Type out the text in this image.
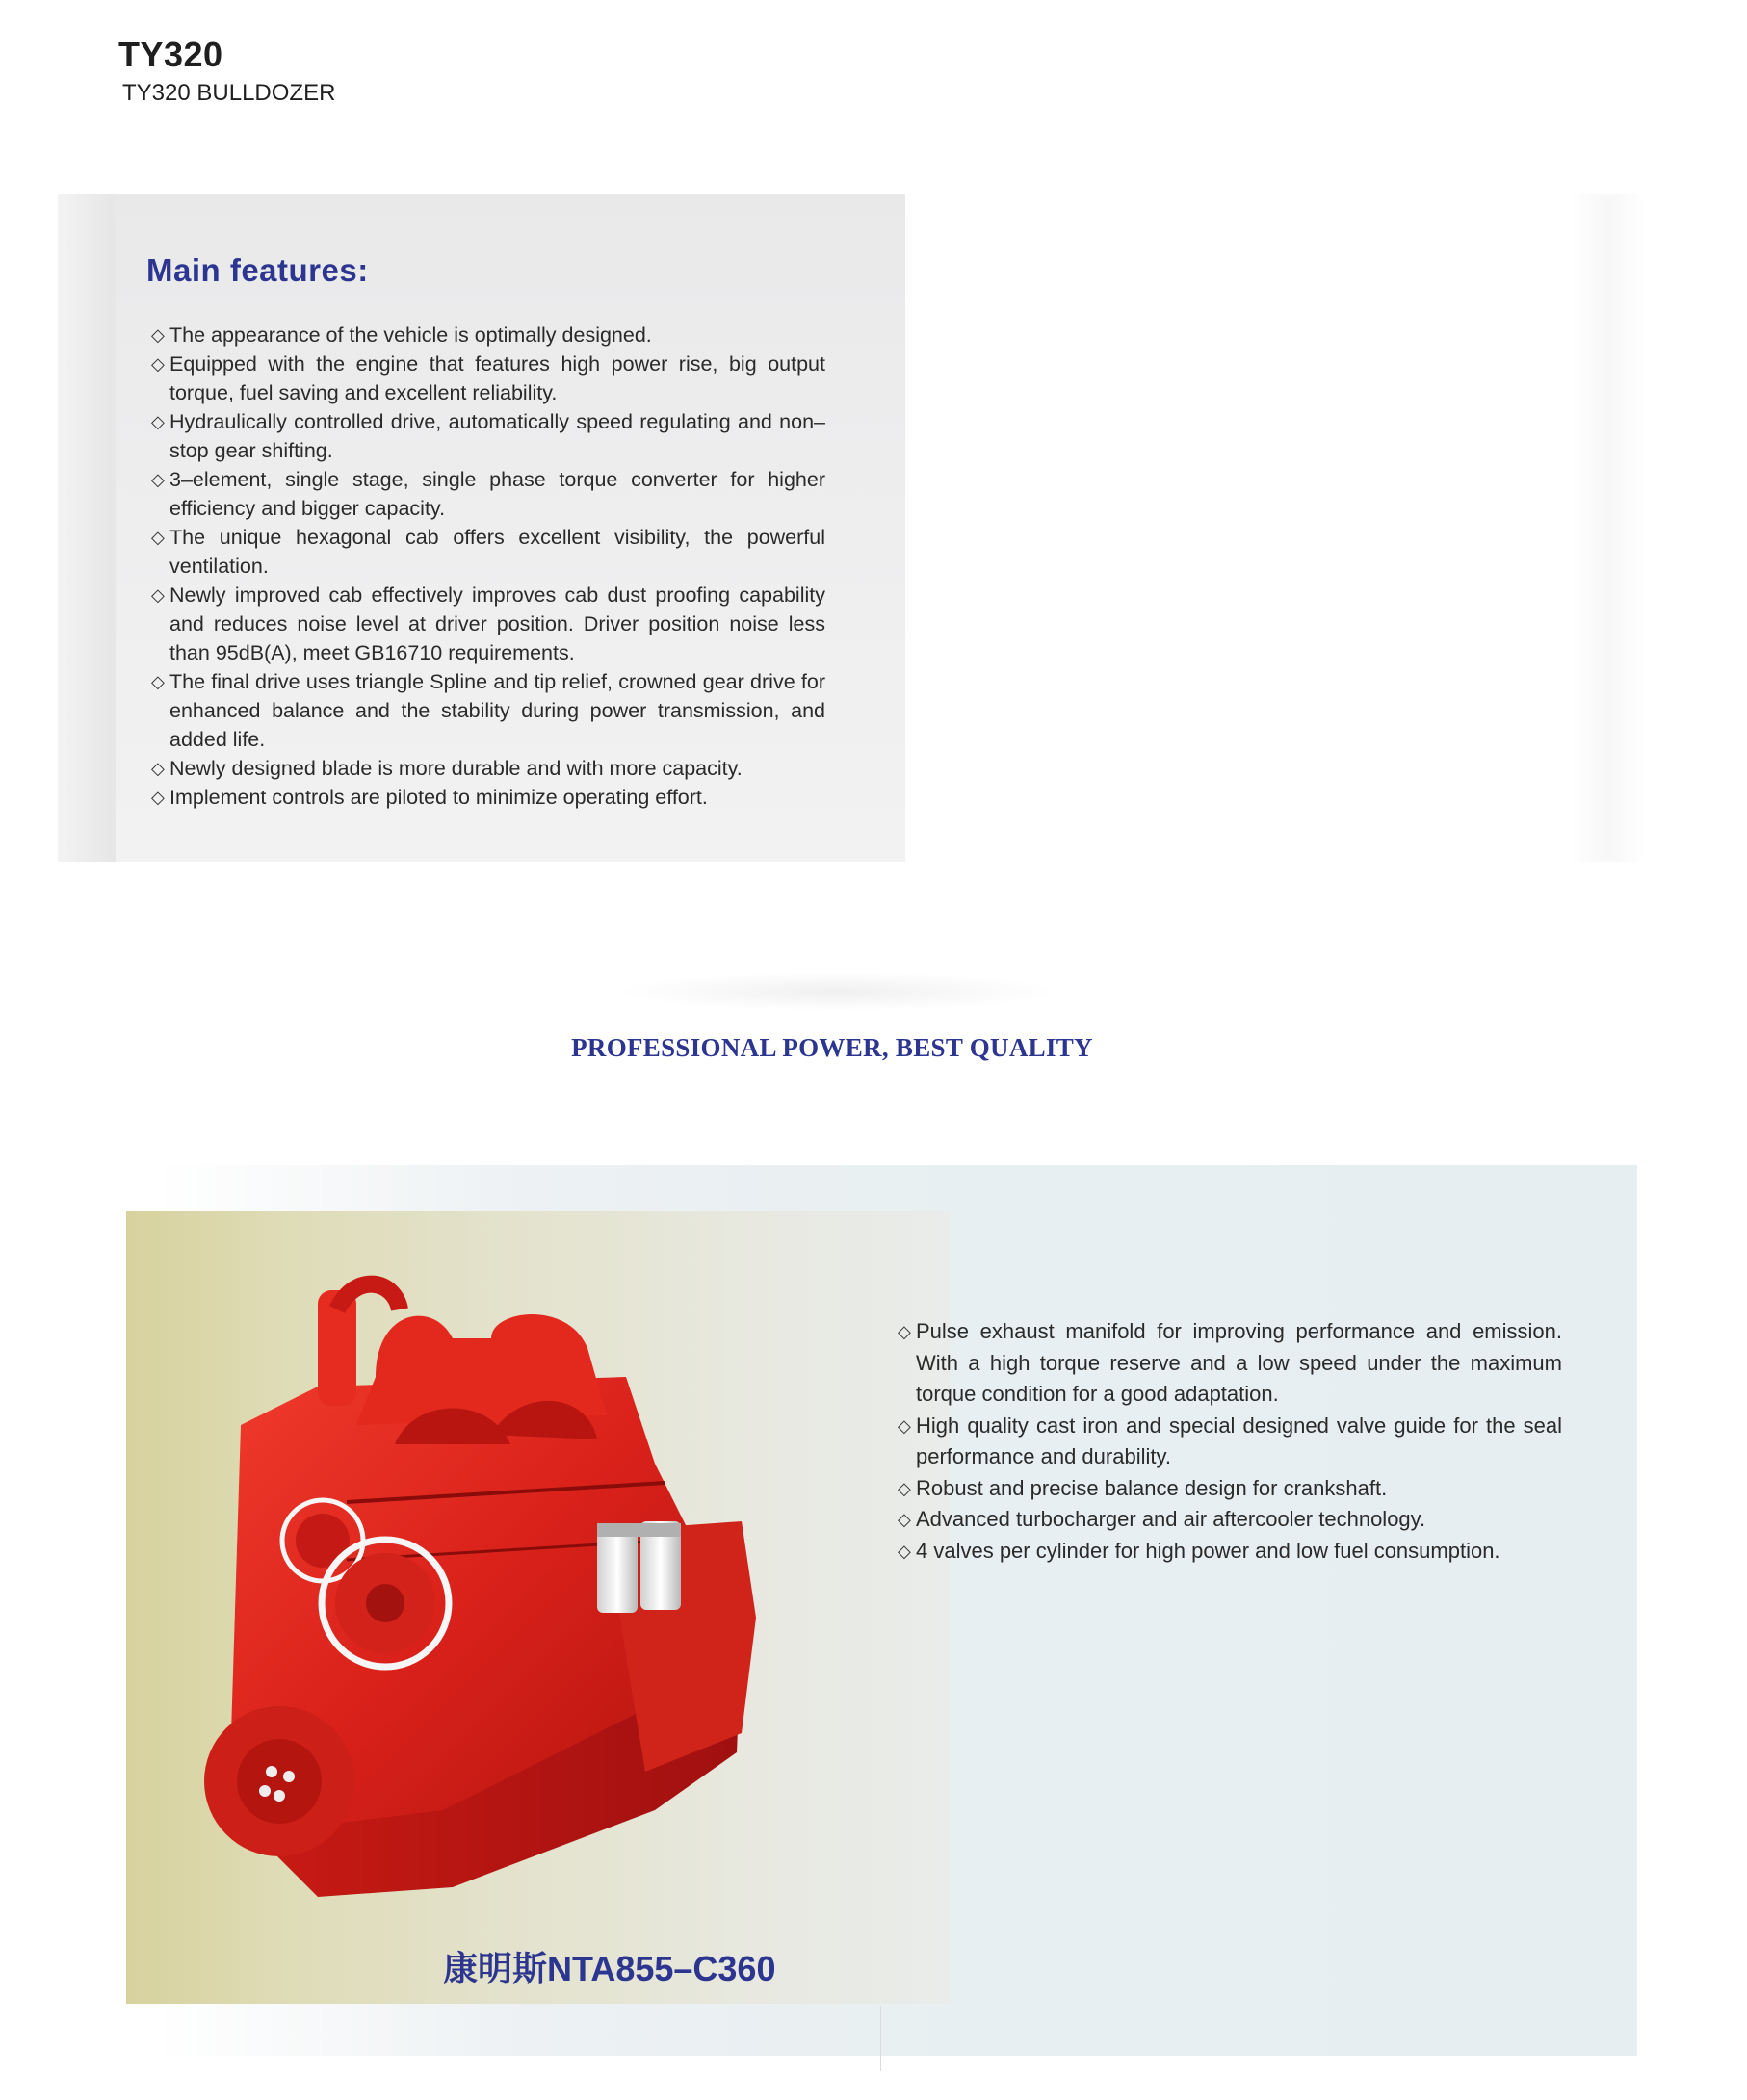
TY320
TY320 BULLDOZER
Main features:
◇ The appearance of the vehicle is optimally designed.
◇ Equipped with the engine that features high power rise, big output torque, fuel saving and excellent reliability.
◇ Hydraulically controlled drive, automatically speed regulating and non–stop gear shifting.
◇ 3–element, single stage, single phase torque converter for higher efficiency and bigger capacity.
◇ The unique hexagonal cab offers excellent visibility, the powerful ventilation.
◇ Newly improved cab effectively improves cab dust proofing capability and reduces noise level at driver position. Driver position noise less than 95dB(A), meet GB16710 requirements.
◇ The final drive uses triangle Spline and tip relief, crowned gear drive for enhanced balance and the stability during power transmission, and added life.
◇ Newly designed blade is more durable and with more capacity.
◇ Implement controls are piloted to minimize operating effort.
PROFESSIONAL POWER, BEST QUALITY
康明斯NTA855–C360
◇ Pulse exhaust manifold for improving performance and emission. With a high torque reserve and a low speed under the maximum torque condition for a good adaptation.
◇ High quality cast iron and special designed valve guide for the seal performance and durability.
◇ Robust and precise balance design for crankshaft.
◇ Advanced turbocharger and air aftercooler technology.
◇ 4 valves per cylinder for high power and low fuel consumption.
